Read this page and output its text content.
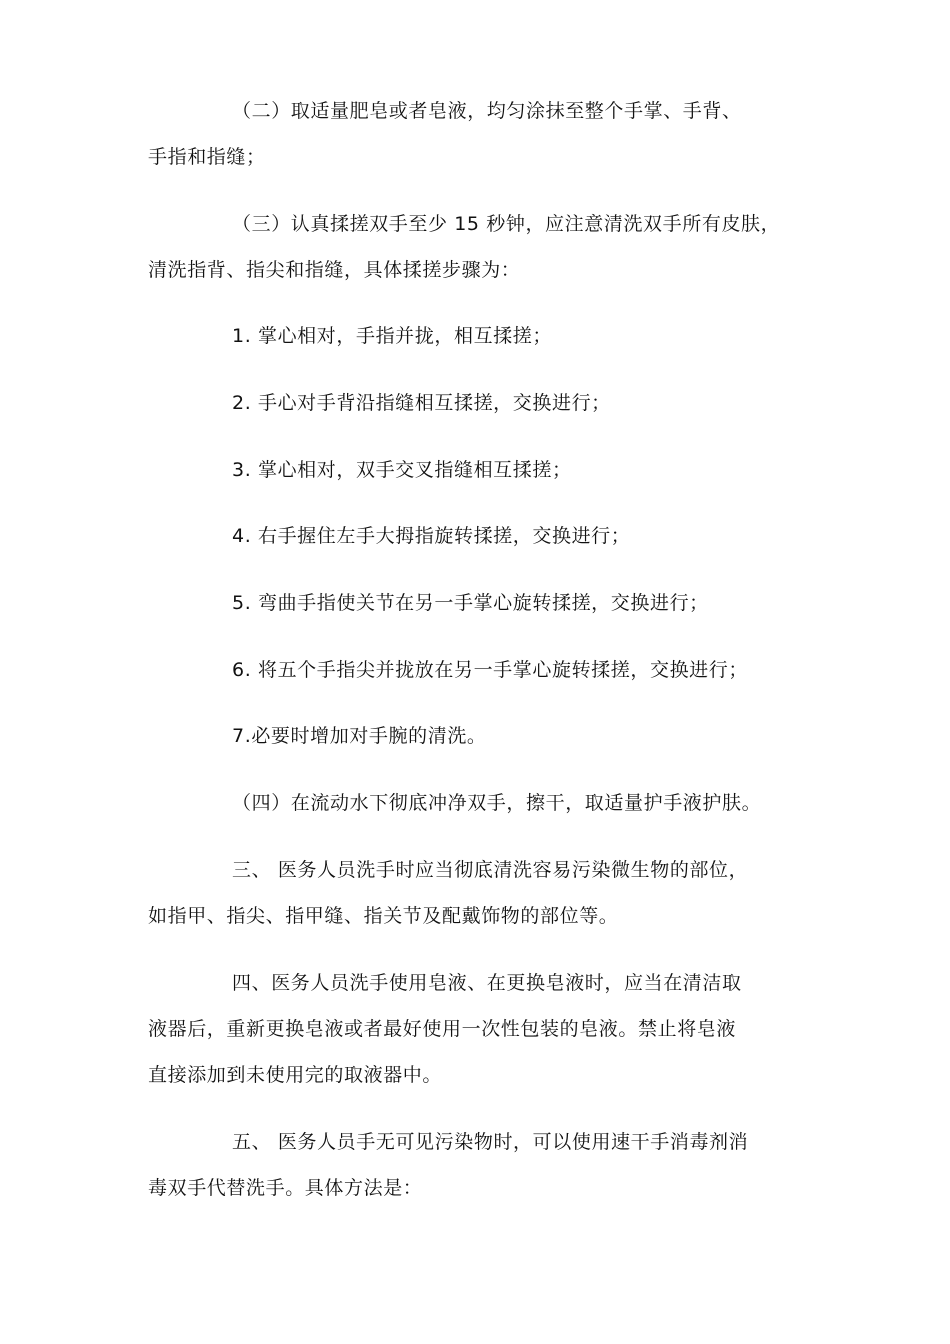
（二）取适量肥皂或者皂液，均匀涂抹至整个手掌、手背、
手指和指缝；
（三）认真揉搓双手至少 15 秒钟，应注意清洗双手所有皮肤，
清洗指背、指尖和指缝，具体揉搓步骤为：
1. 掌心相对，手指并拢，相互揉搓；
2. 手心对手背沿指缝相互揉搓，交换进行；
3. 掌心相对，双手交叉指缝相互揉搓；
4. 右手握住左手大拇指旋转揉搓，交换进行；
5. 弯曲手指使关节在另一手掌心旋转揉搓，交换进行；
6. 将五个手指尖并拢放在另一手掌心旋转揉搓，交换进行；
7.必要时增加对手腕的清洗。
（四）在流动水下彻底冲净双手，擦干，取适量护手液护肤。
三、 医务人员洗手时应当彻底清洗容易污染微生物的部位，
如指甲、指尖、指甲缝、指关节及配戴饰物的部位等。
四、医务人员洗手使用皂液、在更换皂液时，应当在清洁取
液器后，重新更换皂液或者最好使用一次性包装的皂液。禁止将皂液
直接添加到未使用完的取液器中。
五、 医务人员手无可见污染物时，可以使用速干手消毒剂消
毒双手代替洗手。具体方法是：
